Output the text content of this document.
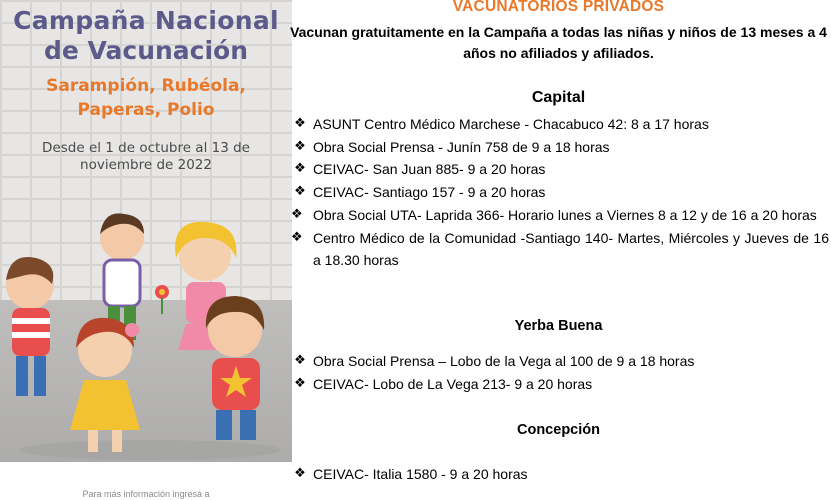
Campaña Nacional
de Vacunación
Sarampión, Rubéola, Paperas, Polio
Desde el 1 de octubre al 13 de noviembre de 2022
Para más información ingresá a
VACUNATORIOS PRIVADOS
Vacunan gratuitamente en la Campaña a todas las niñas y niños de 13 meses a 4 años no afiliados y afiliados.
Capital
❖ ASUNT Centro Médico Marchese - Chacabuco 42: 8 a 17 horas
❖ Obra Social Prensa - Junín 758 de 9 a 18 horas
❖ CEIVAC- San Juan 885- 9 a 20 horas
❖ CEIVAC- Santiago 157 - 9 a 20 horas
❖ Obra Social UTA- Laprida 366- Horario lunes a Viernes 8 a 12 y de 16 a 20 horas
❖ Centro Médico de la Comunidad -Santiago 140- Martes, Miércoles y Jueves de 16 a 18.30 horas
Yerba Buena
❖ Obra Social Prensa – Lobo de la Vega al 100 de 9 a 18 horas
❖ CEIVAC- Lobo de La Vega 213- 9 a 20 horas
Concepción
❖ CEIVAC- Italia 1580 - 9 a 20 horas
